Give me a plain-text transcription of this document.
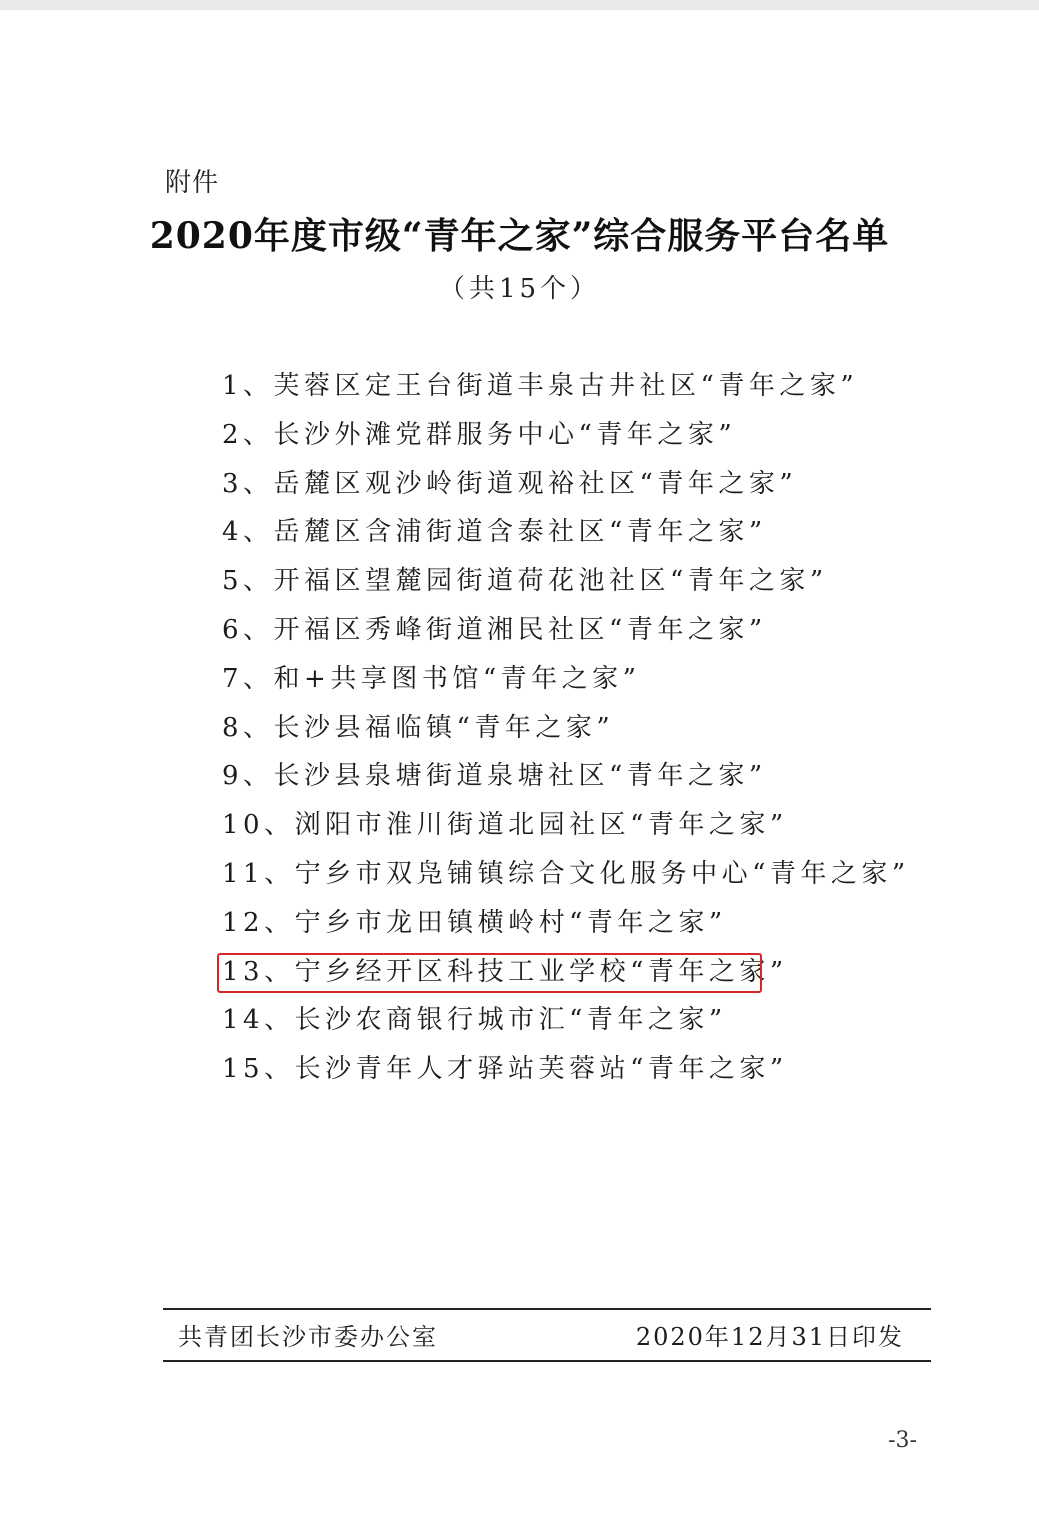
附件
2020年度市级“青年之家”综合服务平台名单
（共15个）
1、芙蓉区定王台街道丰泉古井社区“青年之家”
2、长沙外滩党群服务中心“青年之家”
3、岳麓区观沙岭街道观裕社区“青年之家”
4、岳麓区含浦街道含泰社区“青年之家”
5、开福区望麓园街道荷花池社区“青年之家”
6、开福区秀峰街道湘民社区“青年之家”
7、和+共享图书馆“青年之家”
8、长沙县福临镇“青年之家”
9、长沙县泉塘街道泉塘社区“青年之家”
10、浏阳市淮川街道北园社区“青年之家”
11、宁乡市双凫铺镇综合文化服务中心“青年之家”
12、宁乡市龙田镇横岭村“青年之家”
13、宁乡经开区科技工业学校“青年之家”
14、长沙农商银行城市汇“青年之家”
15、长沙青年人才驿站芙蓉站“青年之家”
共青团长沙市委办公室	2020年12月31日印发
-3-
